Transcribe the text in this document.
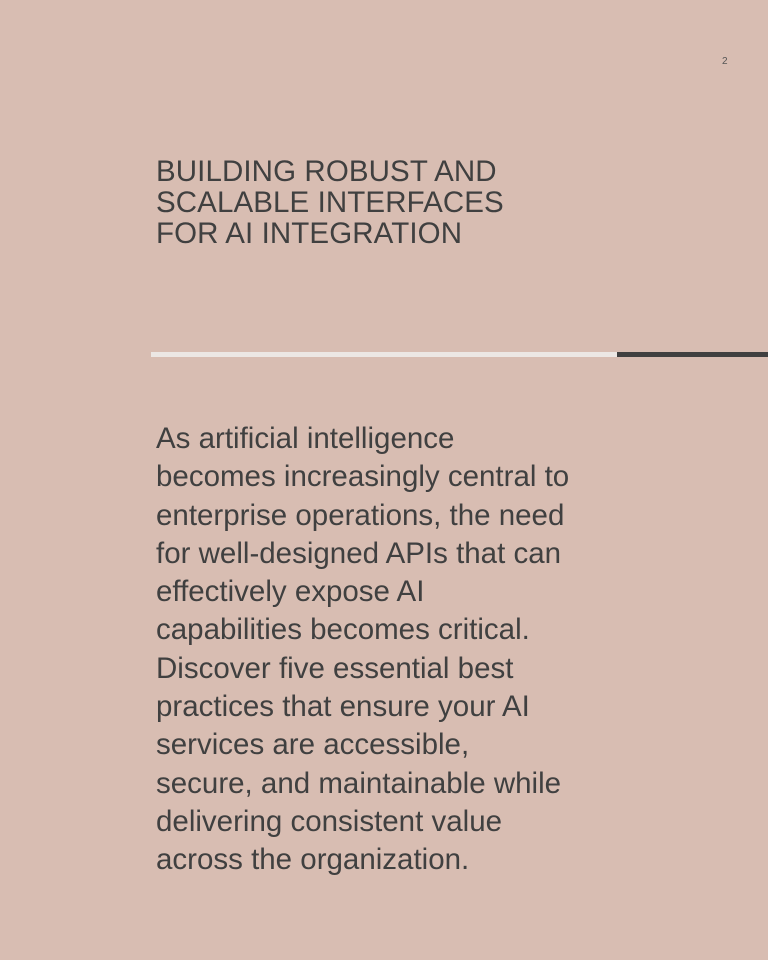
2
BUILDING ROBUST AND
SCALABLE INTERFACES
FOR AI INTEGRATION

As artificial intelligence
becomes increasingly central to
enterprise operations, the need
for well-designed APIs that can
effectively expose AI
capabilities becomes critical.
Discover five essential best
practices that ensure your AI
services are accessible,
secure, and maintainable while
delivering consistent value
across the organization.
